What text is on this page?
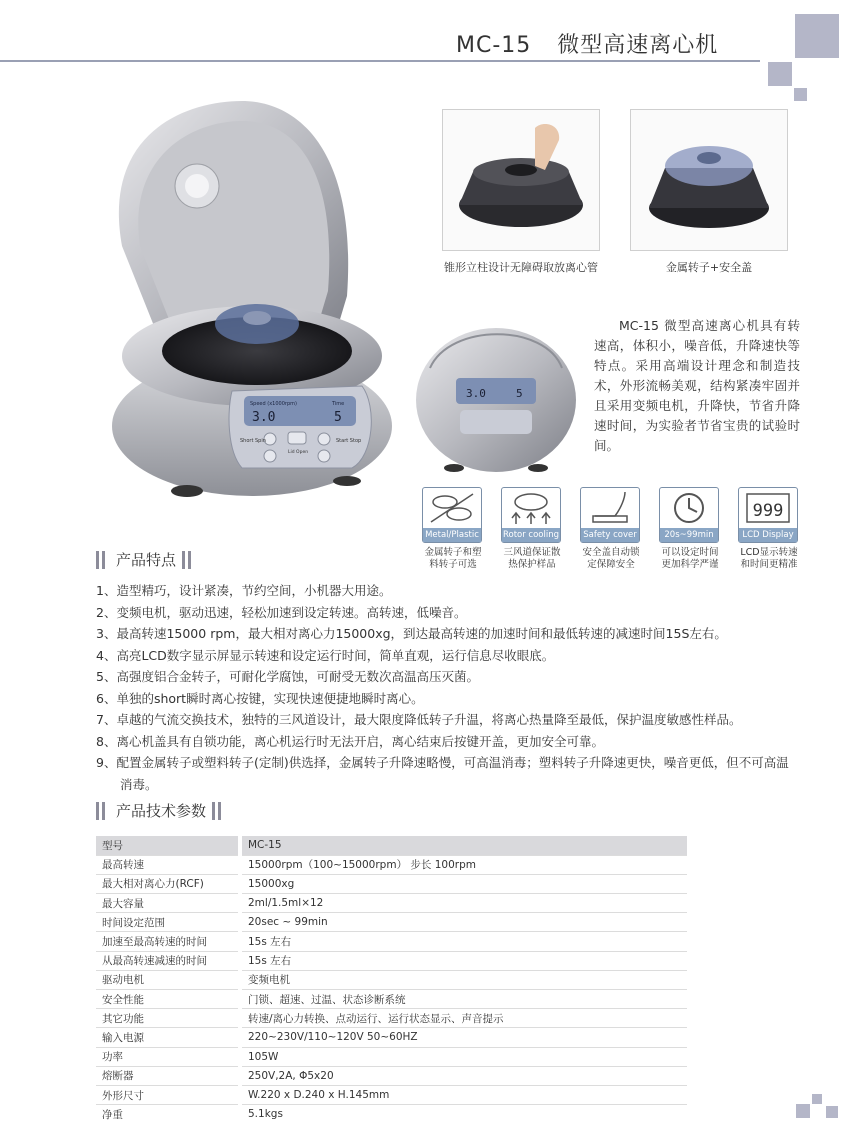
MC-15 微型高速离心机
Speed (x1000rpm)	Time
3.0	5
Short Spin
Lid Open
Start Stop
锥形立柱设计无障碍取放离心管	金属转子+安全盖
3.0	5
MC-15 微型高速离心机具有转速高，体积小，噪音低，升降速快等特点。采用高端设计理念和制造技术，外形流畅美观，结构紧凑牢固并且采用变频电机，升降快，节省升降速时间，为实验者节省宝贵的试验时间。
Metal/Plastic
金属转子和塑
料转子可选
Rotor cooling
三风道保证散
热保护样品
Safety cover
安全盖自动锁
定保障安全
20s~99min
可以设定时间
更加科学严谨
999
LCD Display
LCD显示转速
和时间更精准
产品特点
1、造型精巧，设计紧凑，节约空间，小机器大用途。
2、变频电机，驱动迅速，轻松加速到设定转速。高转速，低噪音。
3、最高转速15000 rpm，最大相对离心力15000xg，到达最高转速的加速时间和最低转速的减速时间15S左右。
4、高亮LCD数字显示屏显示转速和设定运行时间，简单直观，运行信息尽收眼底。
5、高强度铝合金转子，可耐化学腐蚀，可耐受无数次高温高压灭菌。
6、单独的short瞬时离心按键，实现快速便捷地瞬时离心。
7、卓越的气流交换技术，独特的三风道设计，最大限度降低转子升温，将离心热量降至最低，保护温度敏感性样品。
8、离心机盖具有自锁功能，离心机运行时无法开启，离心结束后按键开盖，更加安全可靠。
9、配置金属转子或塑料转子(定制)供选择，金属转子升降速略慢，可高温消毒；塑料转子升降速更快，噪音更低，但不可高温
消毒。
产品技术参数
型号	MC-15
最高转速	15000rpm（100~15000rpm） 步长 100rpm
最大相对离心力(RCF)	15000xg
最大容量	2ml/1.5ml×12
时间设定范围	20sec ~ 99min
加速至最高转速的时间	15s 左右
从最高转速减速的时间	15s 左右
驱动电机	变频电机
安全性能	门锁、超速、过温、状态诊断系统
其它功能	转速/离心力转换、点动运行、运行状态显示、声音提示
输入电源	220~230V/110~120V 50~60HZ
功率	105W
熔断器	250V,2A, Φ5x20
外形尺寸	W.220 x D.240 x H.145mm
净重	5.1kgs
